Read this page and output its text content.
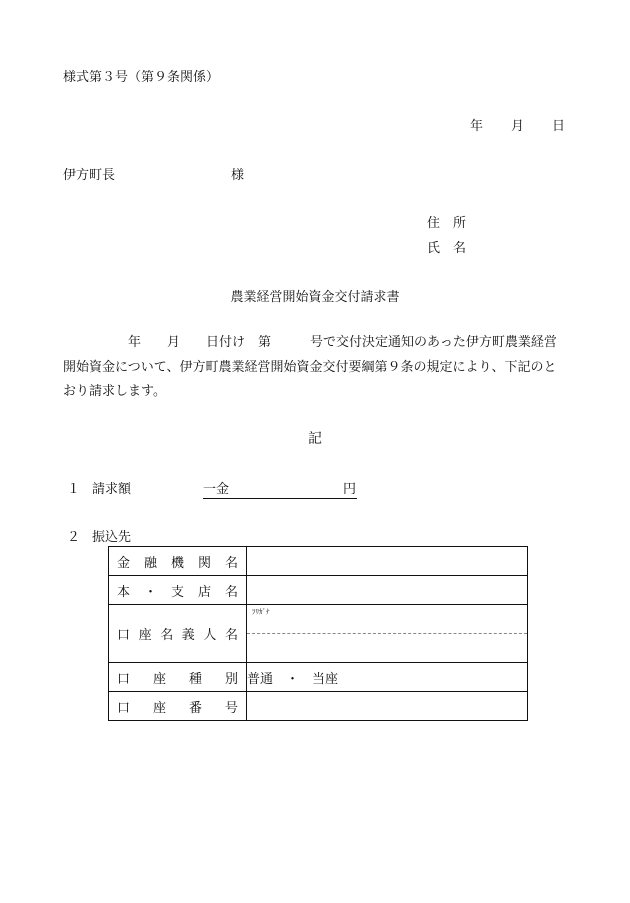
様式第３号（第９条関係）
年 月 日
伊方町長	様
住　所
氏　名
農業経営開始資金交付請求書
　　　　　年　　月　　日付け　第　　　号で交付決定通知のあった伊方町農業経営開始資金について、伊方町農業経営開始資金交付要綱第９条の規定により、下記のとおり請求します。
記
１ 請求額	一金	円
２ 振込先
金融機関名	
本・支店名	
口座名義人名	ﾌﾘｶﾞﾅ

口座種別	普通　・　当座
口座番号	
